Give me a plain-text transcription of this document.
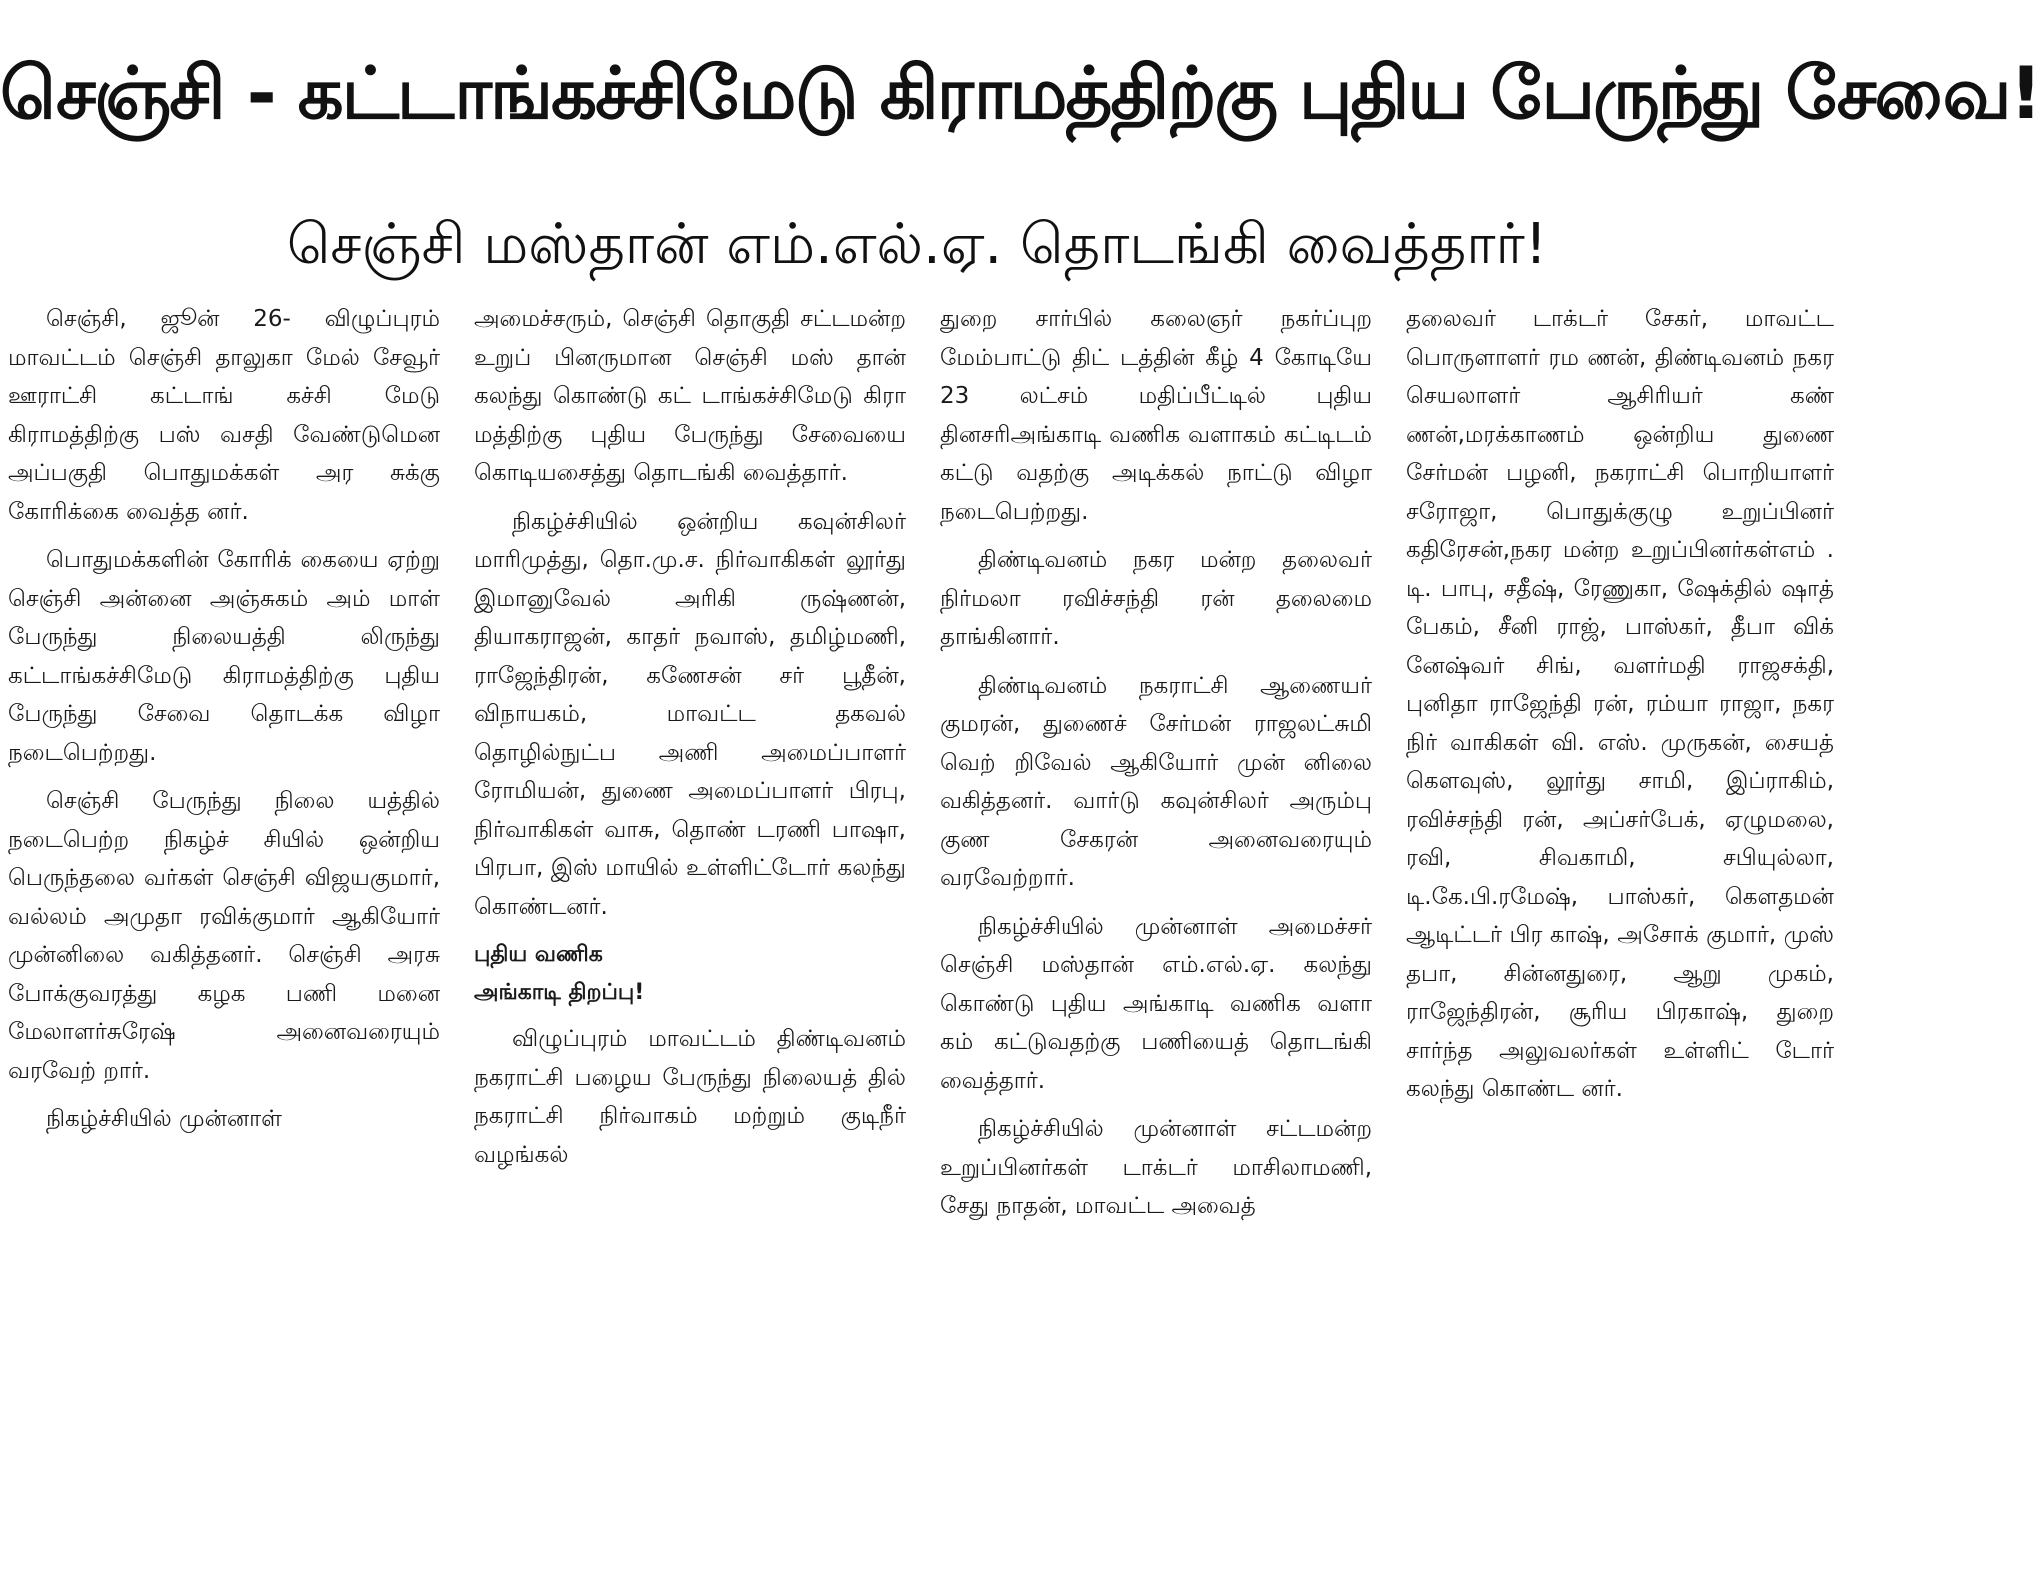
செஞ்சி - கட்டாங்கச்சிமேடு கிராமத்திற்கு புதிய பேருந்து சேவை!
செஞ்சி மஸ்தான் எம்.எல்.ஏ. தொடங்கி வைத்தார்!

செஞ்சி, ஜூன் 26- விழுப்புரம் மாவட்டம் செஞ்சி தாலுகா மேல் சேவூர் ஊராட்சி கட்டாங் கச்சி மேடு கிராமத்திற்கு பஸ் வசதி வேண்டுமென அப்பகுதி பொதுமக்கள் அர சுக்கு கோரிக்கை வைத்த னர்.

பொதுமக்களின் கோரிக் கையை ஏற்று செஞ்சி அன்னை அஞ்சுகம் அம் மாள் பேருந்து நிலையத்தி லிருந்து கட்டாங்கச்சிமேடு கிராமத்திற்கு புதிய பேருந்து சேவை தொடக்க விழா நடைபெற்றது.

செஞ்சி பேருந்து நிலை யத்தில் நடைபெற்ற நிகழ்ச் சியில் ஒன்றிய பெருந்தலை வர்கள் செஞ்சி விஜயகுமார், வல்லம் அமுதா ரவிக்குமார் ஆகியோர் முன்னிலை வகித்தனர். செஞ்சி அரசு போக்குவரத்து கழக பணி மனை மேலாளர்சுரேஷ் அனைவரையும் வரவேற் றார்.

நிகழ்ச்சியில் முன்னாள்

அமைச்சரும், செஞ்சி தொகுதி சட்டமன்ற உறுப் பினருமான செஞ்சி மஸ் தான் கலந்து கொண்டு கட் டாங்கச்சிமேடு கிரா மத்திற்கு புதிய பேருந்து சேவையை கொடியசைத்து தொடங்கி வைத்தார்.

நிகழ்ச்சியில் ஒன்றிய கவுன்சிலர் மாரிமுத்து, தொ.மு.ச. நிர்வாகிகள் லூர்து இமானுவேல் அரிகி ருஷ்ணன், தியாகராஜன், காதர் நவாஸ், தமிழ்மணி, ராஜேந்திரன், கணேசன் சர் பூதீன், விநாயகம், மாவட்ட தகவல் தொழில்நுட்ப அணி அமைப்பாளர் ரோமியன், துணை அமைப்பாளர் பிரபு, நிர்வாகிகள் வாசு, தொண் டரணி பாஷா, பிரபா, இஸ் மாயில் உள்ளிட்டோர் கலந்து கொண்டனர்.

புதிய வணிக
அங்காடி திறப்பு!

விழுப்புரம் மாவட்டம் திண்டிவனம் நகராட்சி பழைய பேருந்து நிலையத் தில் நகராட்சி நிர்வாகம் மற்றும் குடிநீர் வழங்கல்

துறை சார்பில் கலைஞர் நகர்ப்புற மேம்பாட்டு திட் டத்தின் கீழ் 4 கோடியே 23 லட்சம் மதிப்பீட்டில் புதிய தினசரிஅங்காடி வணிக வளாகம் கட்டிடம் கட்டு வதற்கு அடிக்கல் நாட்டு விழா நடைபெற்றது.

திண்டிவனம் நகர மன்ற தலைவர் நிர்மலா ரவிச்சந்தி ரன் தலைமை தாங்கினார்.

திண்டிவனம் நகராட்சி ஆணையர் குமரன், துணைச் சேர்மன் ராஜலட்சுமி வெற் றிவேல் ஆகியோர் முன் னிலை வகித்தனர். வார்டு கவுன்சிலர் அரும்பு குண சேகரன் அனைவரையும் வரவேற்றார்.

நிகழ்ச்சியில் முன்னாள் அமைச்சர் செஞ்சி மஸ்தான் எம்.எல்.ஏ. கலந்து கொண்டு புதிய அங்காடி வணிக வளா கம் கட்டுவதற்கு பணியைத் தொடங்கி வைத்தார்.

நிகழ்ச்சியில் முன்னாள் சட்டமன்ற உறுப்பினர்கள் டாக்டர் மாசிலாமணி, சேது நாதன், மாவட்ட அவைத்

தலைவர் டாக்டர் சேகர், மாவட்ட பொருளாளர் ரம ணன், திண்டிவனம் நகர செயலாளர் ஆசிரியர் கண் ணன்,மரக்காணம் ஒன்றிய துணை சேர்மன் பழனி, நகராட்சி பொறியாளர் சரோஜா, பொதுக்குழு உறுப்பினர் கதிரேசன்,நகர மன்ற உறுப்பினர்கள்எம் . டி. பாபு, சதீஷ், ரேணுகா, ஷேக்தில் ஷாத் பேகம், சீனி ராஜ், பாஸ்கர், தீபா விக் னேஷ்வர் சிங், வளர்மதி ராஜசக்தி, புனிதா ராஜேந்தி ரன், ரம்யா ராஜா, நகர நிர் வாகிகள் வி. எஸ். முருகன், சையத் கௌவுஸ், லூர்து சாமி, இப்ராகிம், ரவிச்சந்தி ரன், அப்சர்பேக், ஏழுமலை, ரவி, சிவகாமி, சபியுல்லா, டி.கே.பி.ரமேஷ், பாஸ்கர், கௌதமன் ஆடிட்டர் பிர காஷ், அசோக் குமார், முஸ் தபா, சின்னதுரை, ஆறு முகம், ராஜேந்திரன், சூரிய பிரகாஷ், துறை சார்ந்த அலுவலர்கள் உள்ளிட் டோர் கலந்து கொண்ட னர்.
